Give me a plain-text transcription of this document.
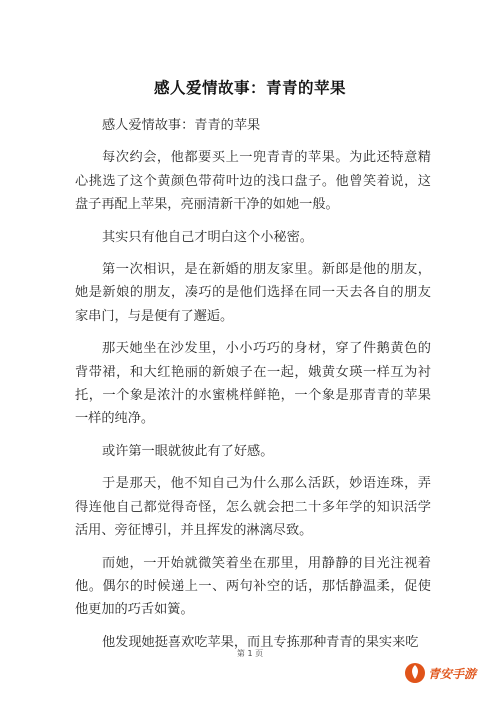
感人爱情故事：青青的苹果

感人爱情故事：青青的苹果

每次约会，他都要买上一兜青青的苹果。为此还特意精心挑选了这个黄颜色带荷叶边的浅口盘子。他曾笑着说，这盘子再配上苹果，亮丽清新干净的如她一般。

其实只有他自己才明白这个小秘密。

第一次相识，是在新婚的朋友家里。新郎是他的朋友，她是新娘的朋友，凑巧的是他们选择在同一天去各自的朋友家串门，与是便有了邂逅。

那天她坐在沙发里，小小巧巧的身材，穿了件鹅黄色的背带裙，和大红艳丽的新娘子在一起，娥黄女瑛一样互为衬托，一个象是浓汁的水蜜桃样鲜艳，一个象是那青青的苹果一样的纯净。

或许第一眼就彼此有了好感。

于是那天，他不知自己为什么那么活跃，妙语连珠，弄得连他自己都觉得奇怪，怎么就会把二十多年学的知识活学活用、旁征博引，并且挥发的淋漓尽致。

而她，一开始就微笑着坐在那里，用静静的目光注视着他。偶尔的时候递上一、两句补空的话，那恬静温柔，促使他更加的巧舌如簧。

他发现她挺喜欢吃苹果，而且专拣那种青青的果实来吃

第 1 页
青安手游
